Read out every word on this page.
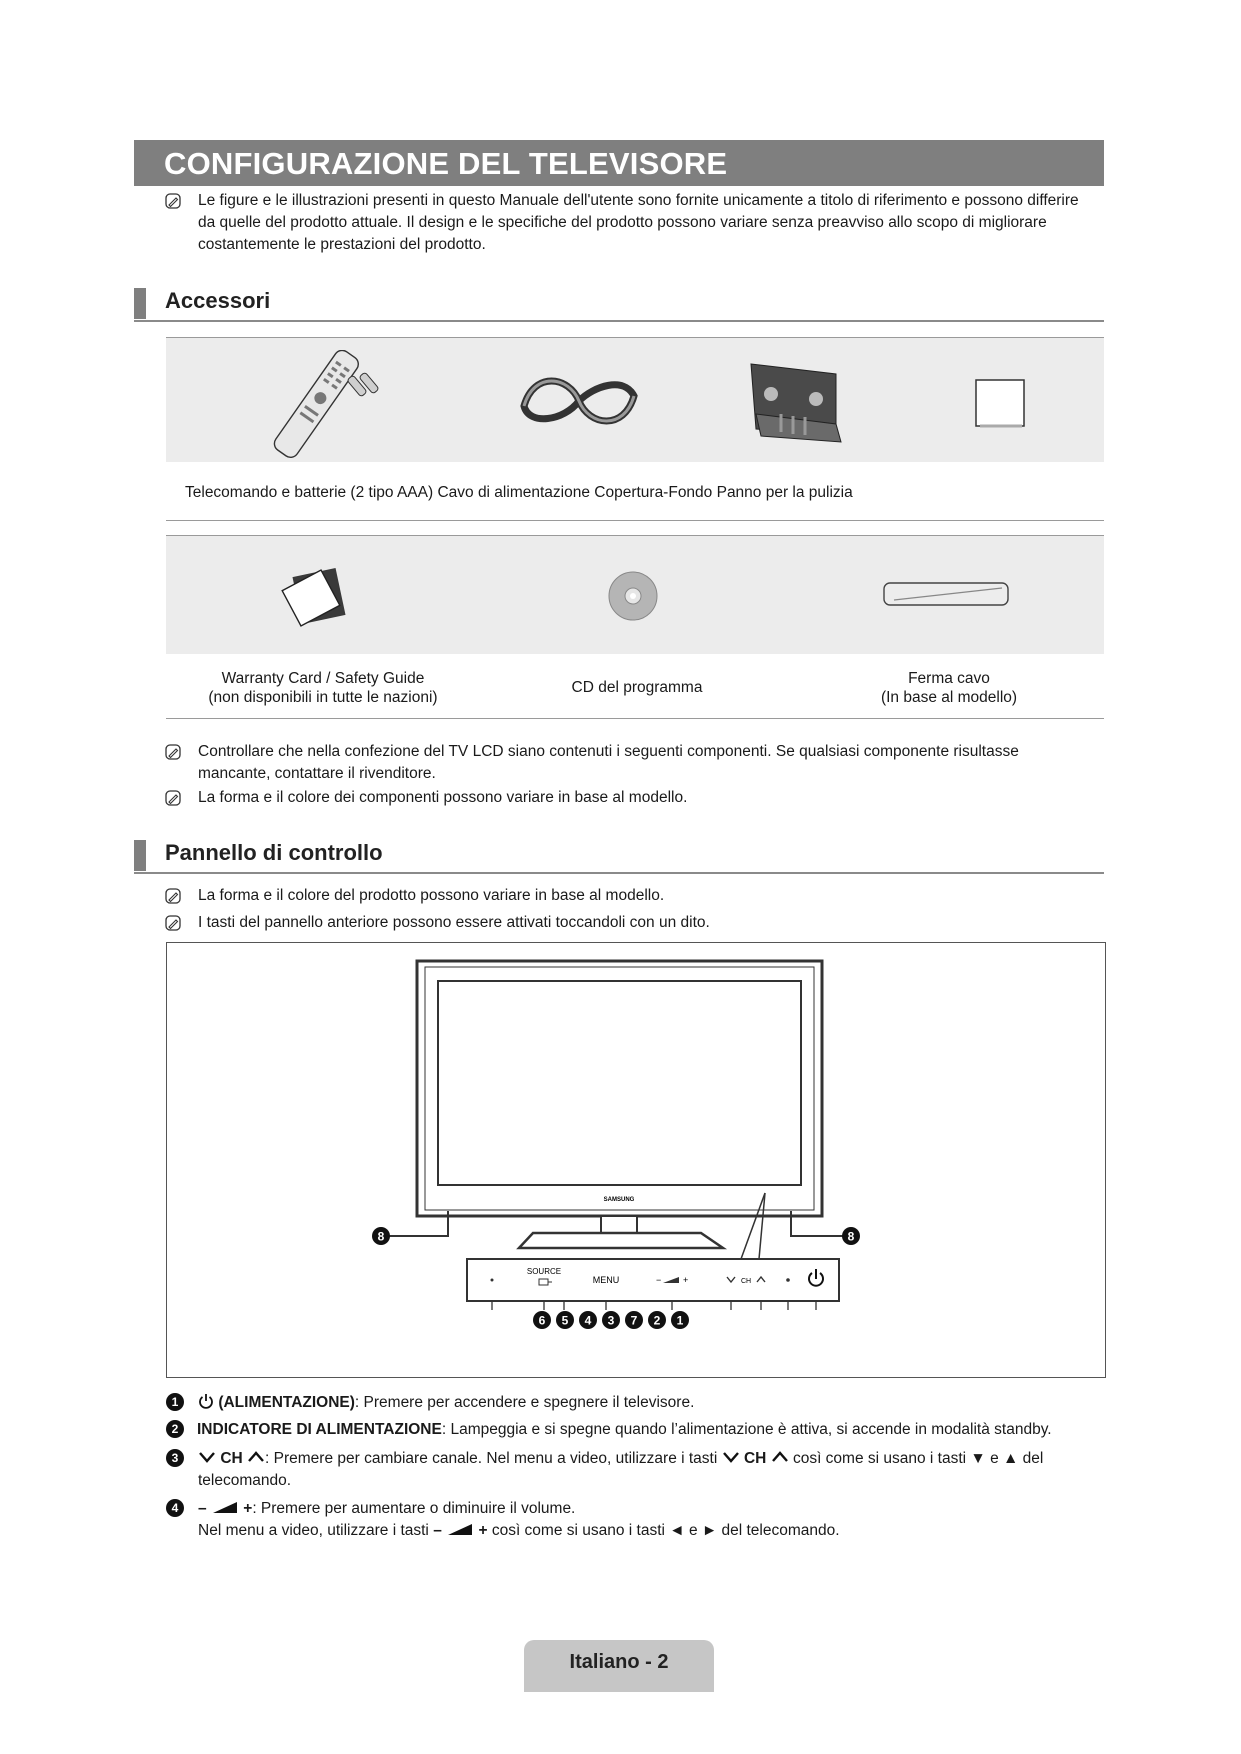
CONFIGURAZIONE DEL TELEVISORE
Le figure e le illustrazioni presenti in questo Manuale dell'utente sono fornite unicamente a titolo di riferimento e possono differire da quelle del prodotto attuale. Il design e le specifiche del prodotto possono variare senza preavviso allo scopo di migliorare costantemente le prestazioni del prodotto.
Accessori
Telecomando e batterie (2 tipo AAA) Cavo di alimentazione Copertura-Fondo Panno per la pulizia
Warranty Card / Safety Guide
(non disponibili in tutte le nazioni)
CD del programma
Ferma cavo
(In base al modello)
Controllare che nella confezione del TV LCD siano contenuti i seguenti componenti. Se qualsiasi componente risultasse mancante, contattare il rivenditore.
La forma e il colore dei componenti possono variare in base al modello.
Pannello di controllo
La forma e il colore del prodotto possono variare in base al modello.
I tasti del pannello anteriore possono essere attivati toccandoli con un dito.
SAMSUNG
8	8
SOURCE
MENU	− +	CH
6 5 4 3 7 2 1
1	(ALIMENTAZIONE): Premere per accendere e spegnere il televisore.
2	INDICATORE DI ALIMENTAZIONE: Lampeggia e si spegne quando l’alimentazione è attiva, si accende in modalità standby.
3	CH : Premere per cambiare canale. Nel menu a video, utilizzare i tasti CH così come si usano i tasti ▼ e ▲ del telecomando.
4	– +: Premere per aumentare o diminuire il volume.
Nel menu a video, utilizzare i tasti – + così come si usano i tasti ◄ e ► del telecomando.
Italiano - 2
